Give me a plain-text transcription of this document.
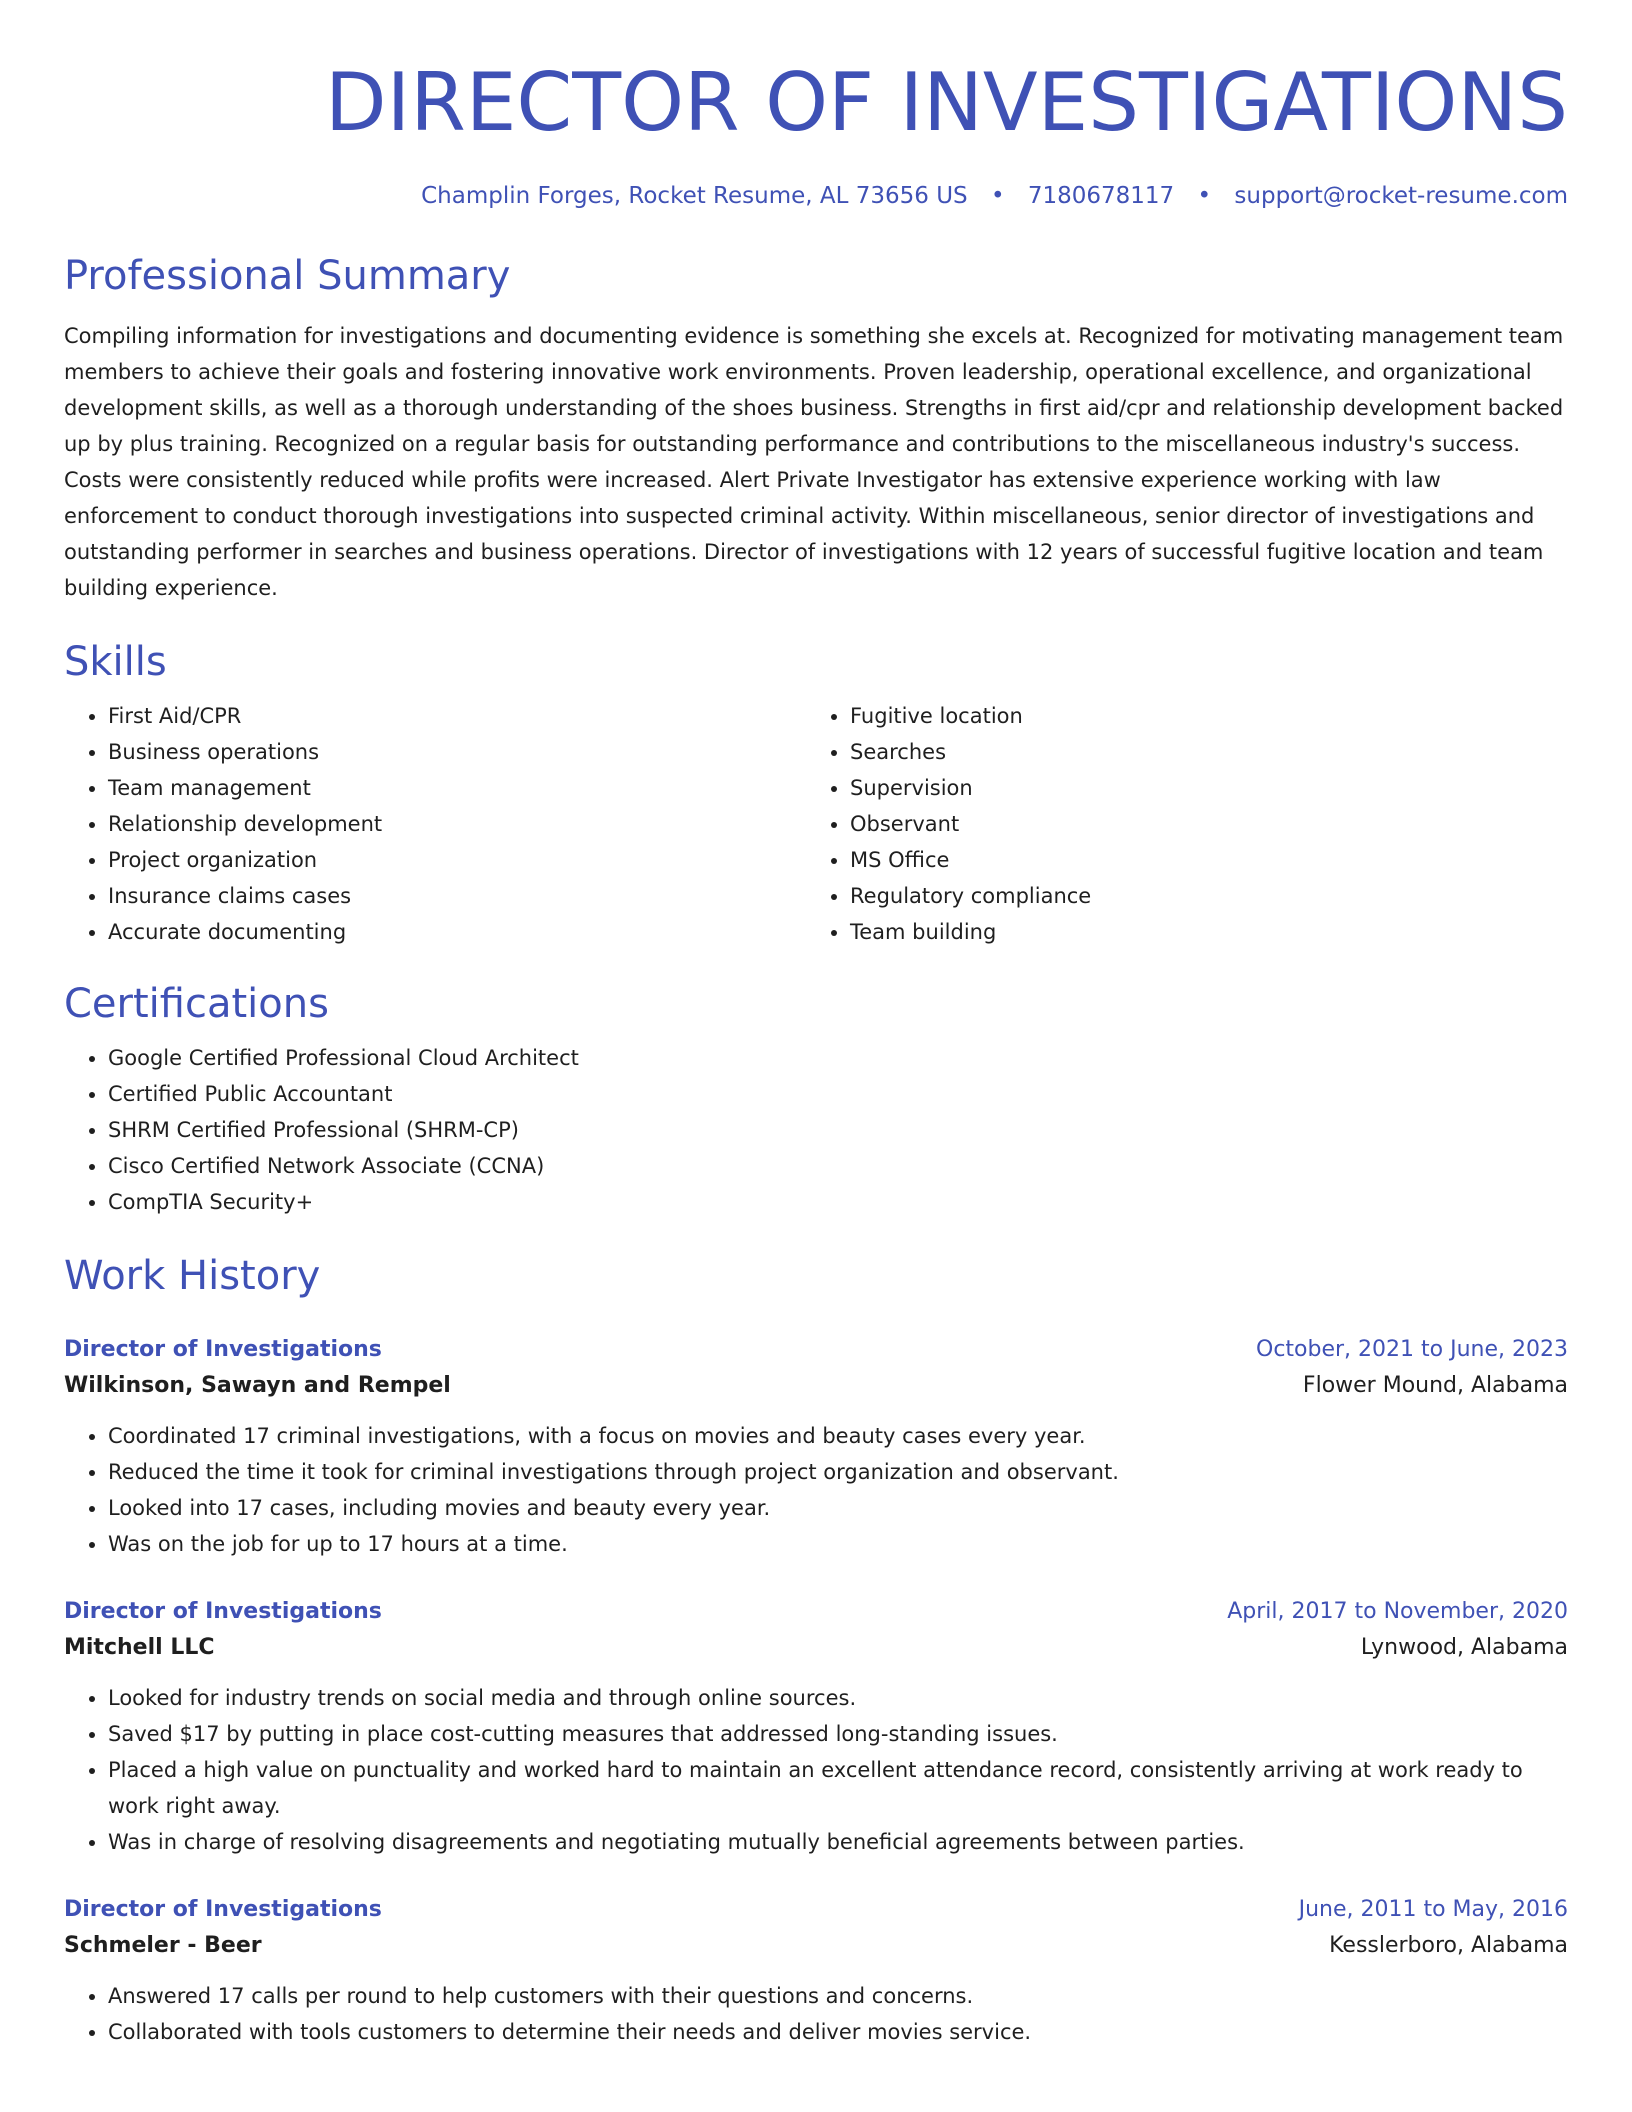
DIRECTOR OF INVESTIGATIONS
Champlin Forges, Rocket Resume, AL 73656 US • 7180678117 • support@rocket-resume.com
Professional Summary

Compiling information for investigations and documenting evidence is something she excels at. Recognized for motivating management team members to achieve their goals and fostering innovative work environments. Proven leadership, operational excellence, and organizational development skills, as well as a thorough understanding of the shoes business. Strengths in first aid/cpr and relationship development backed up by plus training. Recognized on a regular basis for outstanding performance and contributions to the miscellaneous industry's success. Costs were consistently reduced while profits were increased. Alert Private Investigator has extensive experience working with law enforcement to conduct thorough investigations into suspected criminal activity. Within miscellaneous, senior director of investigations and outstanding performer in searches and business operations. Director of investigations with 12 years of successful fugitive location and team building experience.

Skills
• First Aid/CPR
• Business operations
• Team management
• Relationship development
• Project organization
• Insurance claims cases
• Accurate documenting
• Fugitive location
• Searches
• Supervision
• Observant
• MS Office
• Regulatory compliance
• Team building
Certifications
• Google Certified Professional Cloud Architect
• Certified Public Accountant
• SHRM Certified Professional (SHRM-CP)
• Cisco Certified Network Associate (CCNA)
• CompTIA Security+
Work History
Director of Investigations	October, 2021 to June, 2023
Wilkinson, Sawayn and Rempel	Flower Mound, Alabama
• Coordinated 17 criminal investigations, with a focus on movies and beauty cases every year.
• Reduced the time it took for criminal investigations through project organization and observant.
• Looked into 17 cases, including movies and beauty every year.
• Was on the job for up to 17 hours at a time.
Director of Investigations	April, 2017 to November, 2020
Mitchell LLC	Lynwood, Alabama
• Looked for industry trends on social media and through online sources.
• Saved $17 by putting in place cost-cutting measures that addressed long-standing issues.
• Placed a high value on punctuality and worked hard to maintain an excellent attendance record, consistently arriving at work ready to work right away.
• Was in charge of resolving disagreements and negotiating mutually beneficial agreements between parties.
Director of Investigations	June, 2011 to May, 2016
Schmeler - Beer	Kesslerboro, Alabama
• Answered 17 calls per round to help customers with their questions and concerns.
• Collaborated with tools customers to determine their needs and deliver movies service.
